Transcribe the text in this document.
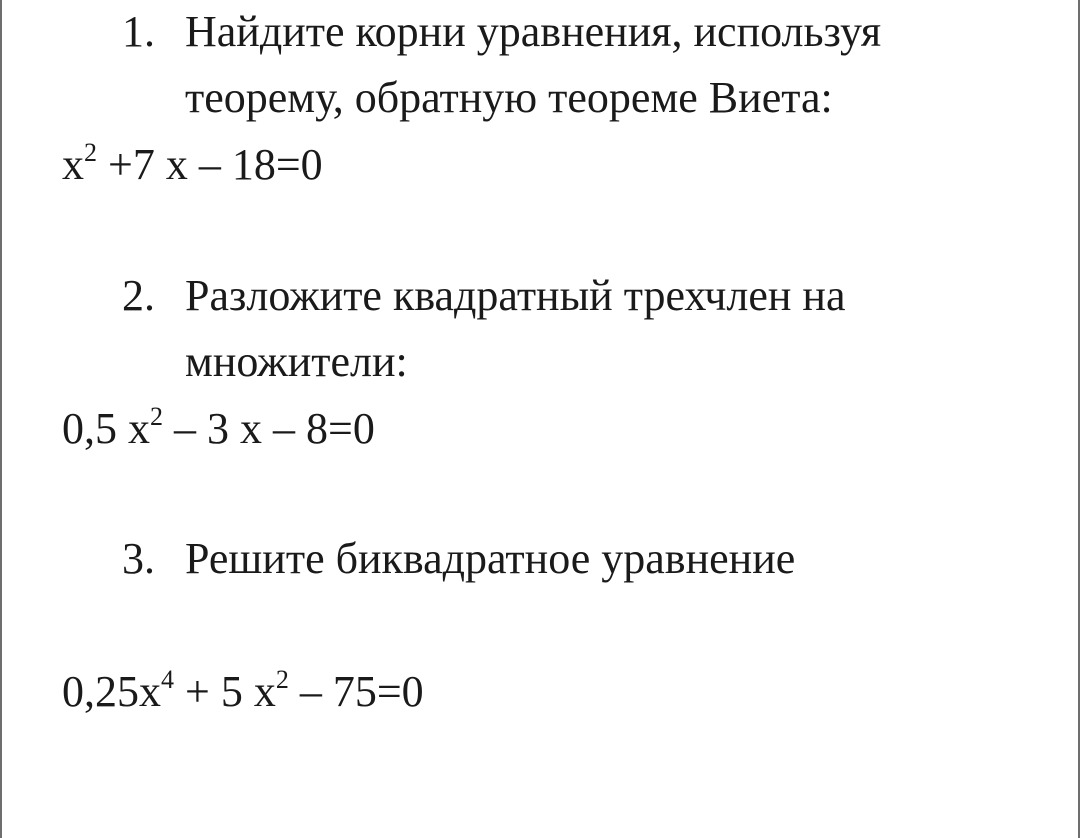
1. Найдите корни уравнения, используя
теорему, обратную теореме Виета:
$x^2 +7$ x – 18=0
2. Разложите квадратный трехчлен на
множители:
0,5 $x^2 - 3$ x – 8=0
3. Решите биквадратное уравнение
$0,25x^4 + 5$ $x^2 - 75=0$
